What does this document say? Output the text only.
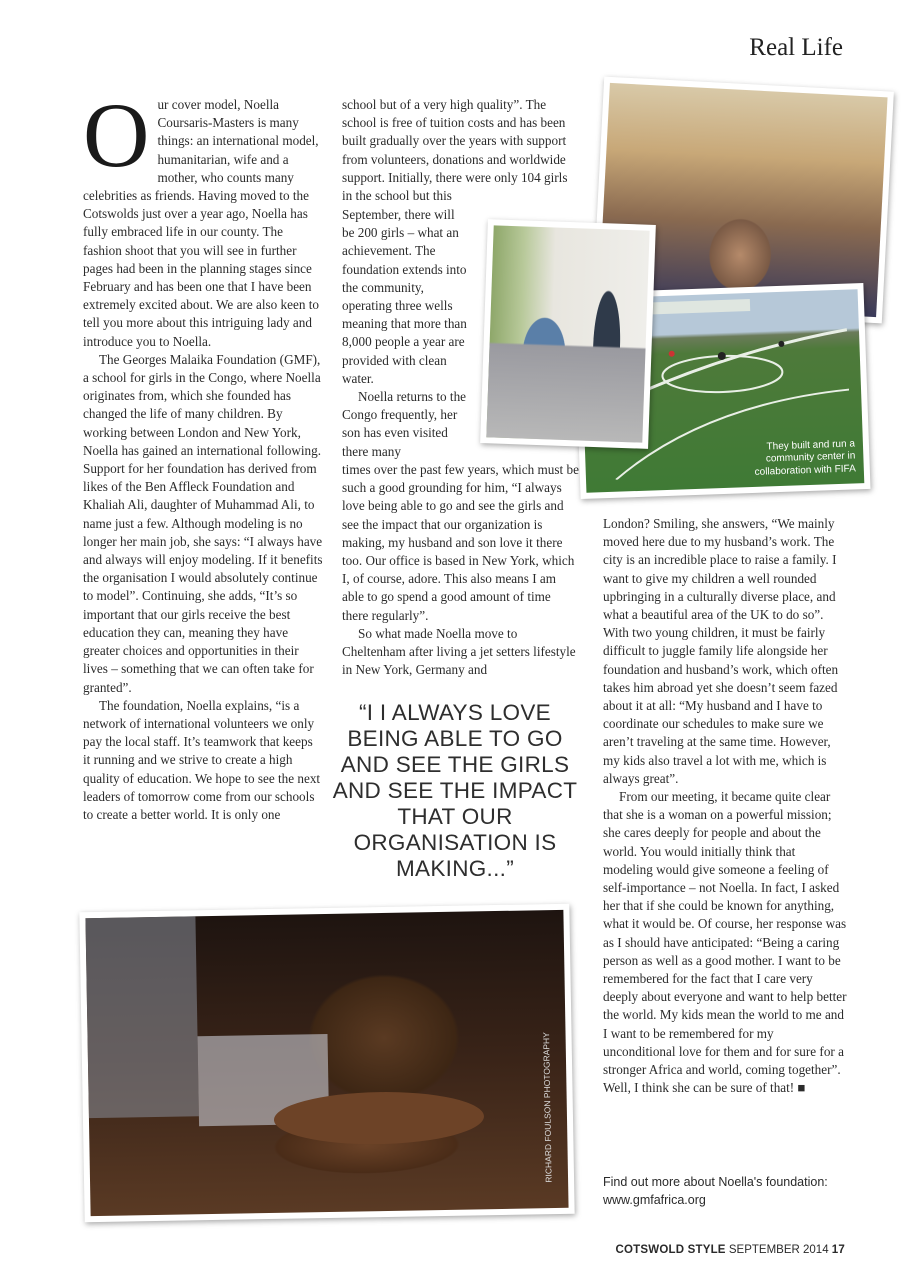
Real Life
O ur cover model, Noella Coursaris-Masters is many things: an international model, humanitarian, wife and a mother, who counts many celebrities as friends. Having moved to the Cotswolds just over a year ago, Noella has fully embraced life in our county. The fashion shoot that you will see in further pages had been in the planning stages since February and has been one that I have been extremely excited about. We are also keen to tell you more about this intriguing lady and introduce you to Noella.

The Georges Malaika Foundation (GMF), a school for girls in the Congo, where Noella originates from, which she founded has changed the life of many children. By working between London and New York, Noella has gained an international following. Support for her foundation has derived from likes of the Ben Affleck Foundation and Khaliah Ali, daughter of Muhammad Ali, to name just a few. Although modeling is no longer her main job, she says: “I always have and always will enjoy modeling. If it benefits the organisation I would absolutely continue to model”. Continuing, she adds, “It’s so important that our girls receive the best education they can, meaning they have greater choices and opportunities in their lives – something that we can often take for granted”.

The foundation, Noella explains, “is a network of international volunteers we only pay the local staff. It’s teamwork that keeps it running and we strive to create a high quality of education. We hope to see the next leaders of tomorrow come from our schools to create a better world. It is only one

school but of a very high quality”. The school is free of tuition costs and has been built gradually over the years with support from volunteers, donations and worldwide support. Initially, there were only 104 girls in the school but this

September, there will be 200 girls – what an achievement. The foundation extends into the community, operating three wells meaning that more than 8,000 people a year are provided with clean water.

Noella returns to the Congo frequently, her son has even visited there many

times over the past few years, which must be such a good grounding for him, “I always love being able to go and see the girls and see the impact that our organization is making, my husband and son love it there too. Our office is based in New York, which I, of course, adore. This also means I am able to go spend a good amount of time there regularly”.

So what made Noella move to Cheltenham after living a jet setters lifestyle in New York, Germany and

“I I ALWAYS LOVE BEING ABLE TO GO AND SEE THE GIRLS AND SEE THE IMPACT THAT OUR ORGANISATION IS MAKING...”

London? Smiling, she answers, “We mainly moved here due to my husband’s work. The city is an incredible place to raise a family. I want to give my children a well rounded upbringing in a culturally diverse place, and what a beautiful area of the UK to do so”. With two young children, it must be fairly difficult to juggle family life alongside her foundation and husband’s work, which often takes him abroad yet she doesn’t seem fazed about it at all: “My husband and I have to coordinate our schedules to make sure we aren’t traveling at the same time. However, my kids also travel a lot with me, which is always great”.

From our meeting, it became quite clear that she is a woman on a powerful mission; she cares deeply for people and about the world. You would initially think that modeling would give someone a feeling of self-importance – not Noella. In fact, I asked her that if she could be known for anything, what it would be. Of course, her response was as I should have anticipated: “Being a caring person as well as a good mother. I want to be remembered for the fact that I care very deeply about everyone and want to help better the world. My kids mean the world to me and I want to be remembered for my unconditional love for them and for sure for a stronger Africa and world, coming together”. Well, I think she can be sure of that! ■

They built and run a community center in collaboration with FIFA
RICHARD FOULSON PHOTOGRAPHY	Find out more about Noella's foundation: www.gmfafrica.org
COTSWOLD STYLE SEPTEMBER 2014 17
